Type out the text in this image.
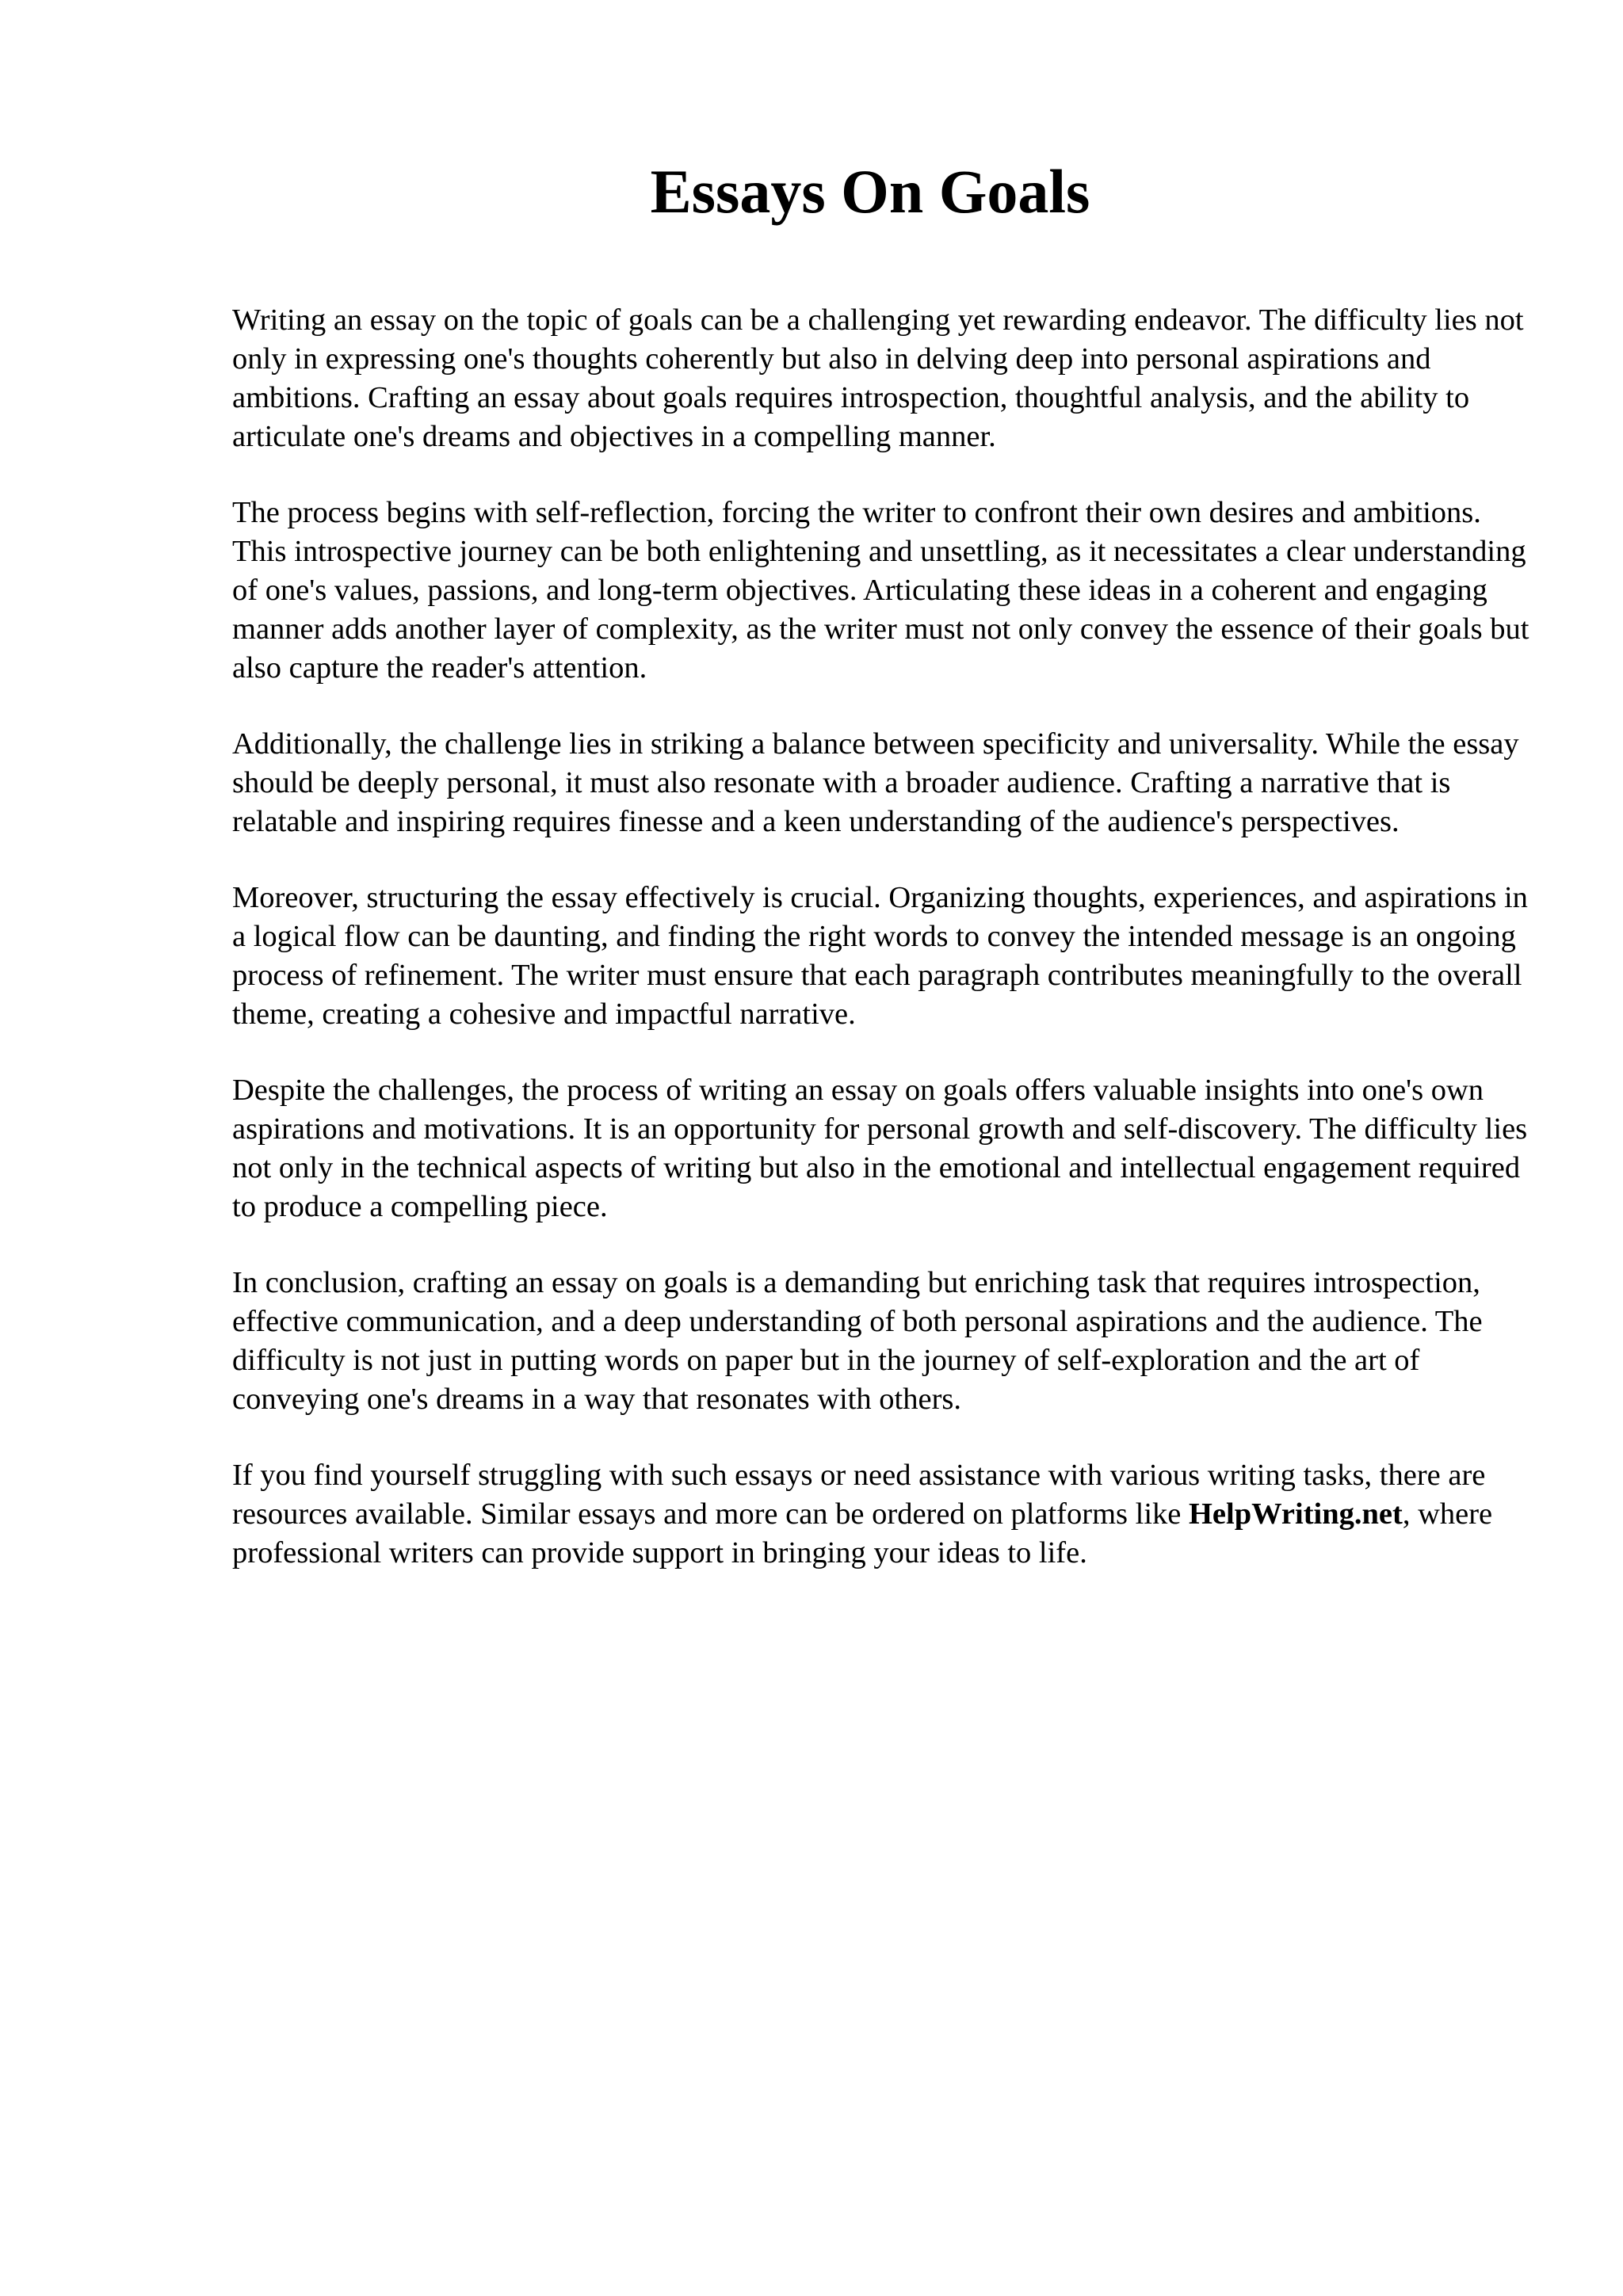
Essays On Goals

Writing an essay on the topic of goals can be a challenging yet rewarding endeavor. The difficulty lies not only in expressing one's thoughts coherently but also in delving deep into personal aspirations and ambitions. Crafting an essay about goals requires introspection, thoughtful analysis, and the ability to articulate one's dreams and objectives in a compelling manner.

The process begins with self-reflection, forcing the writer to confront their own desires and ambitions. This introspective journey can be both enlightening and unsettling, as it necessitates a clear understanding of one's values, passions, and long-term objectives. Articulating these ideas in a coherent and engaging manner adds another layer of complexity, as the writer must not only convey the essence of their goals but also capture the reader's attention.

Additionally, the challenge lies in striking a balance between specificity and universality. While the essay should be deeply personal, it must also resonate with a broader audience. Crafting a narrative that is relatable and inspiring requires finesse and a keen understanding of the audience's perspectives.

Moreover, structuring the essay effectively is crucial. Organizing thoughts, experiences, and aspirations in a logical flow can be daunting, and finding the right words to convey the intended message is an ongoing process of refinement. The writer must ensure that each paragraph contributes meaningfully to the overall theme, creating a cohesive and impactful narrative.

Despite the challenges, the process of writing an essay on goals offers valuable insights into one's own aspirations and motivations. It is an opportunity for personal growth and self-discovery. The difficulty lies not only in the technical aspects of writing but also in the emotional and intellectual engagement required to produce a compelling piece.

In conclusion, crafting an essay on goals is a demanding but enriching task that requires introspection, effective communication, and a deep understanding of both personal aspirations and the audience. The difficulty is not just in putting words on paper but in the journey of self-exploration and the art of conveying one's dreams in a way that resonates with others.

If you find yourself struggling with such essays or need assistance with various writing tasks, there are resources available. Similar essays and more can be ordered on platforms like HelpWriting.net, where professional writers can provide support in bringing your ideas to life.
